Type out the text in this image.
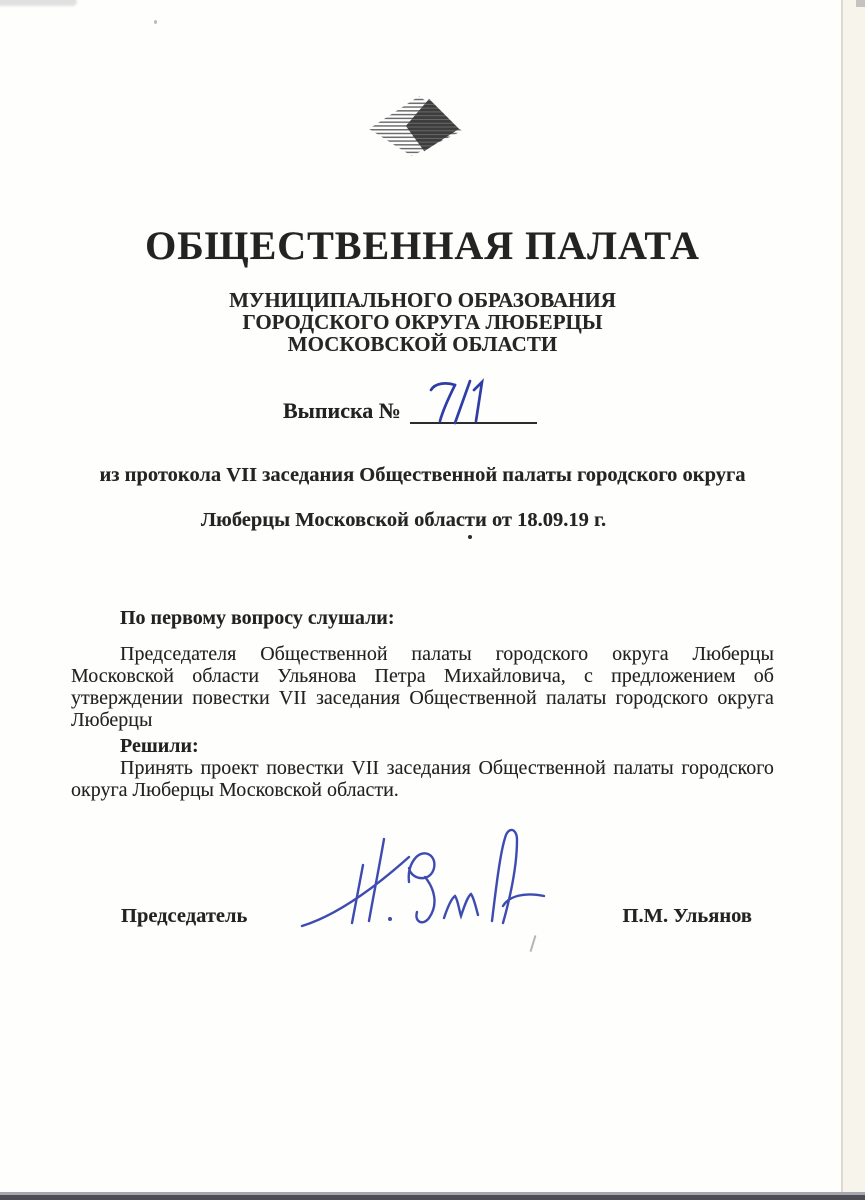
ОБЩЕСТВЕННАЯ ПАЛАТА
МУНИЦИПАЛЬНОГО ОБРАЗОВАНИЯ
ГОРОДСКОГО ОКРУГА ЛЮБЕРЦЫ
МОСКОВСКОЙ ОБЛАСТИ
Выписка №
из протокола VII заседания Общественной палаты городского округа
Люберцы Московской области от 18.09.19 г.
По первому вопросу слушали:
Председателя Общественной палаты городского округа Люберцы
Московской области Ульянова Петра Михайловича, с предложением об
утверждении повестки VII заседания Общественной палаты городского округа
Люберцы
Решили:
Принять проект повестки VII заседания Общественной палаты городского
округа Люберцы Московской области.
Председатель	П.М. Ульянов
